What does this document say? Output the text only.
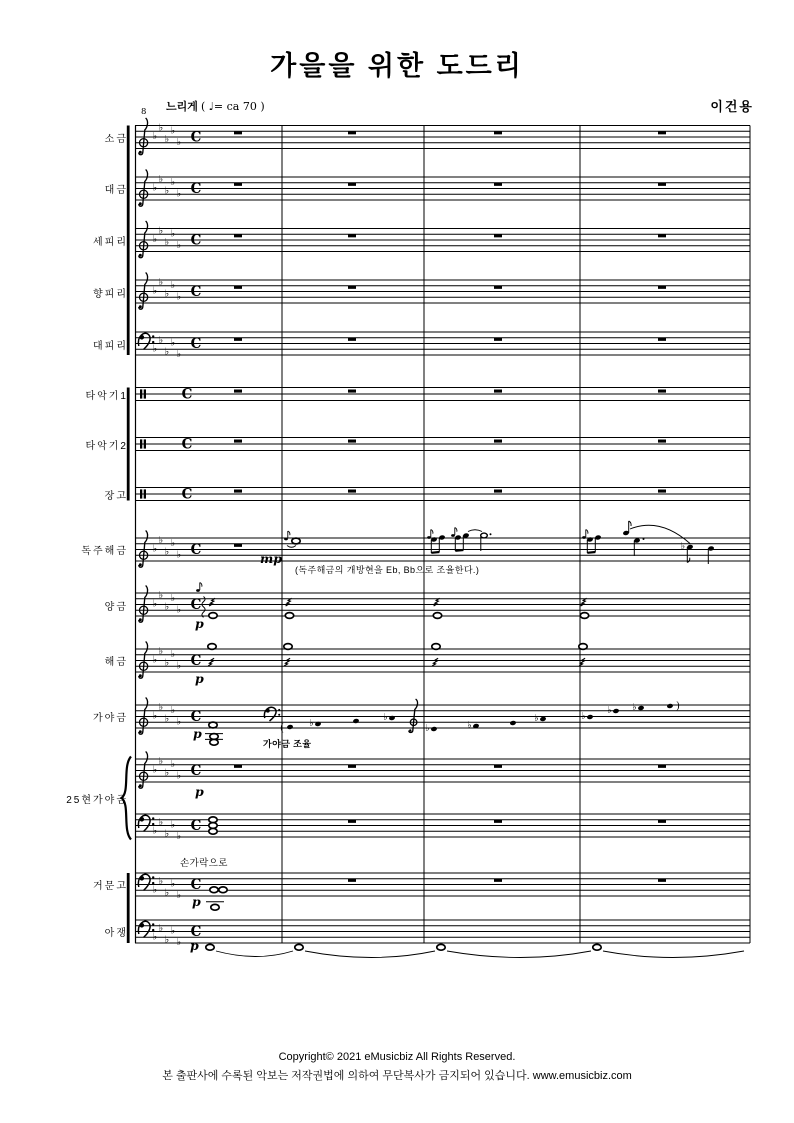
♭
♭
♭
♭
♭ C
♭
♭
♭
♭
♭ C
♭
♭
♭
♭
♭ C
♭
♭
♭
♭
♭ C
♭
♭
♭
♭
♭
C
♭
♭
♭
♭
♭ C
♭
♭
♭
♭
♭ C
♭
♭
♭
♭
♭ C
♭
♭
♭
♭
♭ C
♭
♭
♭
♭
♭ C
♭
♭
♭
♭
♭
C
♭
♭
♭
♭
♭
C
♭
♭
♭
♭
♭
C
C
C
C
♭
(	♭
♭
♭	♭
♭	♭
♭ ♭	)
가을을 위한 도드리
느리게 ( ♩= ca 70 )	이건용
8
소금
대금
세피리
향피리
대피리
타악기1
타악기2
장고
독주해금
양금
해금
가야금
25현가야금
거문고
아쟁
mp
p
p
p
p
p
p
(독주해금의 개방현을 Eb, Bb으로 조율한다.)
가야금 조율
손가락으로
Copyright© 2021 eMusicbiz All Rights Reserved.
본 출판사에 수록된 악보는 저작권법에 의하여 무단복사가 금지되어 있습니다. www.emusicbiz.com
